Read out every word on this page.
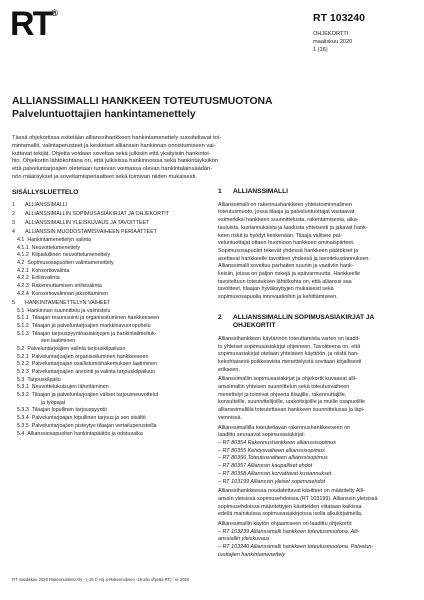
RT®	RT 103240
OHJEKORTTI
maaliskuu 2020
1 (16)
ALLIANSSIMALLI HANKKEEN TOTEUTUSMUOTONA
Palveluntuottajien hankintamenettely
Tässä ohjekortissa esitetään allianssihankkeen hankintamenettely suositeltavat toi-
mintamallit, valintaperusteet ja keskeiset allianssin hankinnan onnistumiseen vai-
kuttavat tekijät. Ohjetta voidaan soveltaa sekä julkisiin että yksityisiin hankintoi-
hin. Ohjekortin lähtökohtana on, että julkisissa hankinnoissa sekä hankintayksikön
että palveluntarjoajien oletetaan tuntevan voimassa olevan hankintalainsäädän-
nön määräykset ja soveltamisperiaatteet sekä toimivan niiden mukaisesti.
SISÄLLYSLUETTELO
1	ALLIANSSIMALLI
2	ALLIANSSIMALLIN SOPIMUSASIAKIRJAT JA OHJEKORTIT
3	ALLIANSSIMALLIN YLEISKUVAUS JA TAVOITTEET
4	ALLIANSSIN MUODOSTAMISVAIHEEN PERIAATTEET
4.1 Hankintamenettelyn valinta
4.1.1 Neuvottelumenettely
4.1.2 Kilpailullinen neuvottelumenettely
4.2 Sopimusosapuolten valintamenettely
4.2.1 Konsortiovalinta
4.2.2 Erillisvalinta
4.2.3 Rakennuttamisen erillisvalinta
4.2.4 Konsortiovalinnan jaksottaminen
5	HANKINTAMENETTELYN VAIHEET
5.1 Hankinnan suunnittelu ja valmistelu
5.1.1 Tilaajan resurssointi ja organisoituminen hankkeeseen
5.1.2 Tilaajan ja palveluntarjoajien markkinavuoropuhelu
5.1.3 Tilaajan tarjouspyyntöasiakirjojen ja hankintailmoituk-
sen laatiminen
5.2 Palveluntarjoajien valinta tarjouskilpailuun
5.2.1 Palveluntarjoajien organisoituminen hankkeeseen
5.2.2 Palveluntarjoajan osallistumishakemuksen laatiminen
5.2.3 Palveluntarjoajien arviointi ja valinta tarjouskilpailuun
5.3 Tarjouskilpailu
5.3.1 Neuvottelukutsujen lähettäminen
5.3.2 Tilaajan ja palveluntarjoajien väliset tarjousneuvottelut
ja työpajat
5.3.3 Tilaajan lopullinen tarjouspyyntö
5.3.4 Palveluntarjoajan lopullinen tarjous ja sen sisältö
5.3.5 Palveluntarjoajien pisteytys tilaajan vertailuperusteilla
5.4 Allianssiosapuolten hankintapäätös ja odotusaika
1	ALLIANSSIMALLI
Allianssimalli on rakennushankkeen yhteistoiminnallinen
toteutusmuoto, jossa tilaaja ja palveluntuottajat vastaavat
esimerkiksi hankkeen suunnittelusta, rakentamisesta, aika-
tauluista, kustannuksista ja laadusta yhteisesti ja jakavat hank-
keen riskit ja hyödyt keskenään. Tilaaja valitsee pal-
veluntuottajat ottaen huomioon hankkeen ominaispiirteet.
Sopimusosapuolet tekevät yhdessä hankkeen päätökset ja
asettavat hankkeelle tavoitteet yhdessä ja tavoitekustannuksen.
Allianssimalli soveltuu parhaiten suuriin ja vaativiin hank-
keisiin, joissa on paljon riskejä ja epävarmuutta. Hankkeelle
tavoiteltuun toteutuksen lähtökohta on, että allianssi saa
tavoitteet, tilaajan hyväksyttyjen mukaisesti sekä
sopimusosapuolia innovaatioihin ja kehittämiseen.
2	ALLIANSSIMALLIN SOPIMUSASIAKIRJAT JA
OHJEKORTIT
Allianssihankkeen käytännön toteuttamista varten on laadit-
tu yhteiset sopimusasiakirjat ohjeineen. Tavoitteena on, että
sopimusasiakirjat otetaan yhteiseen käyttöön, ja niistä han-
kekohtaisesti poikkeavista menettelyistä sovitaan kirjallisesti
erikseen.
Allianssimallin sopimusasiakirjat ja ohjekortit kuvaavat alli-
anssimallin yhteisen suunnittelun sekä toteutusvaiheen
menettelyt ja toimivat ohjeena tilaajille, rakennuttajille,
konsulteille, suunnittelijoille, urakoitsijoille ja muille osapuolille
allianssimallilla toteutettavan hankkeen suunnittelussa ja läpi-
viennissä.
Allianssimallilla toteutettavan rakennushankkeeseen on
laadittu seuraavat sopimusasiakirjat:
– RT 80354 Rakennushankkeen allianssisopimus
– RT 80355 Kehitysvaiheen allianssisopimus
– RT 80356 Toteutusvaiheen allianssisopimus
– RT 80357 Allianssin kaupalliset ehdot
– RT 80358 Allianssin korvattavat kustannukset
– RT 103199 Allianssin yleiset sopimusehdot
Allianssihankkeessa noudatettavat käsitteet on määritelty Alli-
anssin yleisissä sopimusehdoissa (RT 103199). Allianssin yleisissä
sopimusehdoissa määritettyjen käsitteiden viitataan kaikissa
edellä mainituissa sopimusasiakirjoissa isolla alkukirjaimella.
Allianssimallin käytön ohjaamiseen on laadittu ohjekortit:
– RT 103239 Allianssimalli hankkeen toteutusmuotona. Alli-
anssiallin yleiskuvaus
– RT 103240 Allianssimalli hankkeen toteutusmuotona. Palvelun-
tuottajien hankintamenettely
RT maaliskuu 2020 Rakennustieto Oy · (-16 © Alij a-Rakennuksen -16 alla ohjetta RT) ⁞ nr 2020
